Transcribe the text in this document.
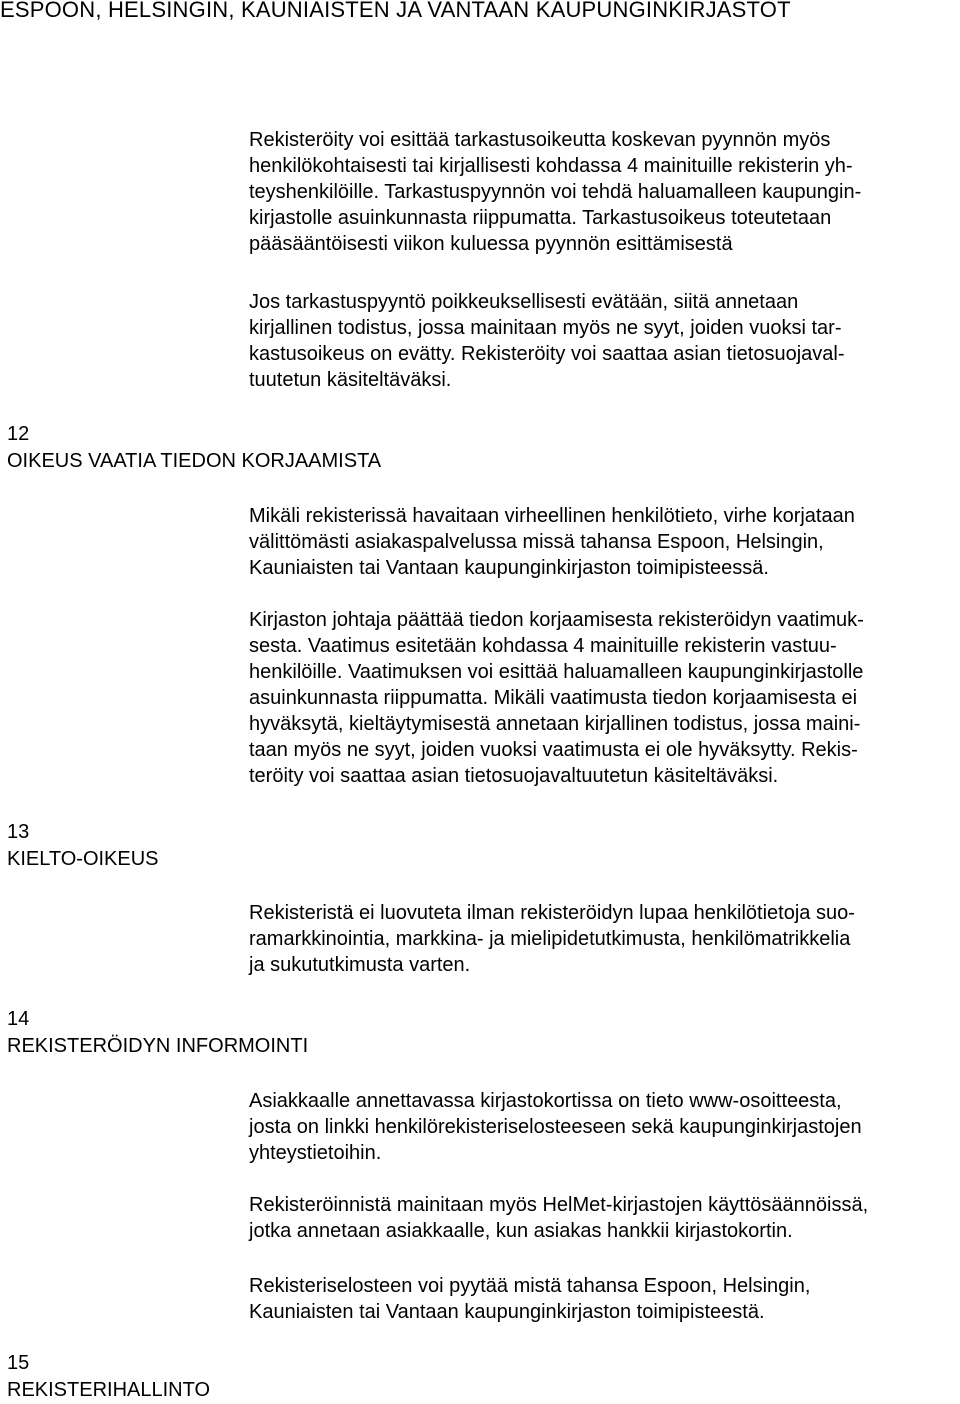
ESPOON, HELSINGIN, KAUNIAISTEN JA VANTAAN KAUPUNGINKIRJASTOT
Rekisteröity voi esittää tarkastusoikeutta koskevan pyynnön myös
henkilökohtaisesti tai kirjallisesti kohdassa 4 mainituille rekisterin yh-
teyshenkilöille. Tarkastuspyynnön voi tehdä haluamalleen kaupungin-
kirjastolle asuinkunnasta riippumatta. Tarkastusoikeus toteutetaan
pääsääntöisesti viikon kuluessa pyynnön esittämisestä
Jos tarkastuspyyntö poikkeuksellisesti evätään, siitä annetaan
kirjallinen todistus, jossa mainitaan myös ne syyt, joiden vuoksi tar-
kastusoikeus on evätty. Rekisteröity voi saattaa asian tietosuojaval-
tuutetun käsiteltäväksi.
12
OIKEUS VAATIA TIEDON KORJAAMISTA
Mikäli rekisterissä havaitaan virheellinen henkilötieto, virhe korjataan
välittömästi asiakaspalvelussa missä tahansa Espoon, Helsingin,
Kauniaisten tai Vantaan kaupunginkirjaston toimipisteessä.
Kirjaston johtaja päättää tiedon korjaamisesta rekisteröidyn vaatimuk-
sesta. Vaatimus esitetään kohdassa 4 mainituille rekisterin vastuu-
henkilöille. Vaatimuksen voi esittää haluamalleen kaupunginkirjastolle
asuinkunnasta riippumatta. Mikäli vaatimusta tiedon korjaamisesta ei
hyväksytä, kieltäytymisestä annetaan kirjallinen todistus, jossa maini-
taan myös ne syyt, joiden vuoksi vaatimusta ei ole hyväksytty. Rekis-
teröity voi saattaa asian tietosuojavaltuutetun käsiteltäväksi.
13
KIELTO-OIKEUS
Rekisteristä ei luovuteta ilman rekisteröidyn lupaa henkilötietoja suo-
ramarkkinointia, markkina- ja mielipidetutkimusta, henkilömatrikkelia
ja sukututkimusta varten.
14
REKISTERÖIDYN INFORMOINTI
Asiakkaalle annettavassa kirjastokortissa on tieto www-osoitteesta,
josta on linkki henkilörekisteriselosteeseen sekä kaupunginkirjastojen
yhteystietoihin.
Rekisteröinnistä mainitaan myös HelMet-kirjastojen käyttösäännöissä,
jotka annetaan asiakkaalle, kun asiakas hankkii kirjastokortin.
Rekisteriselosteen voi pyytää mistä tahansa Espoon, Helsingin,
Kauniaisten tai Vantaan kaupunginkirjaston toimipisteestä.
15
REKISTERIHALLINTO
